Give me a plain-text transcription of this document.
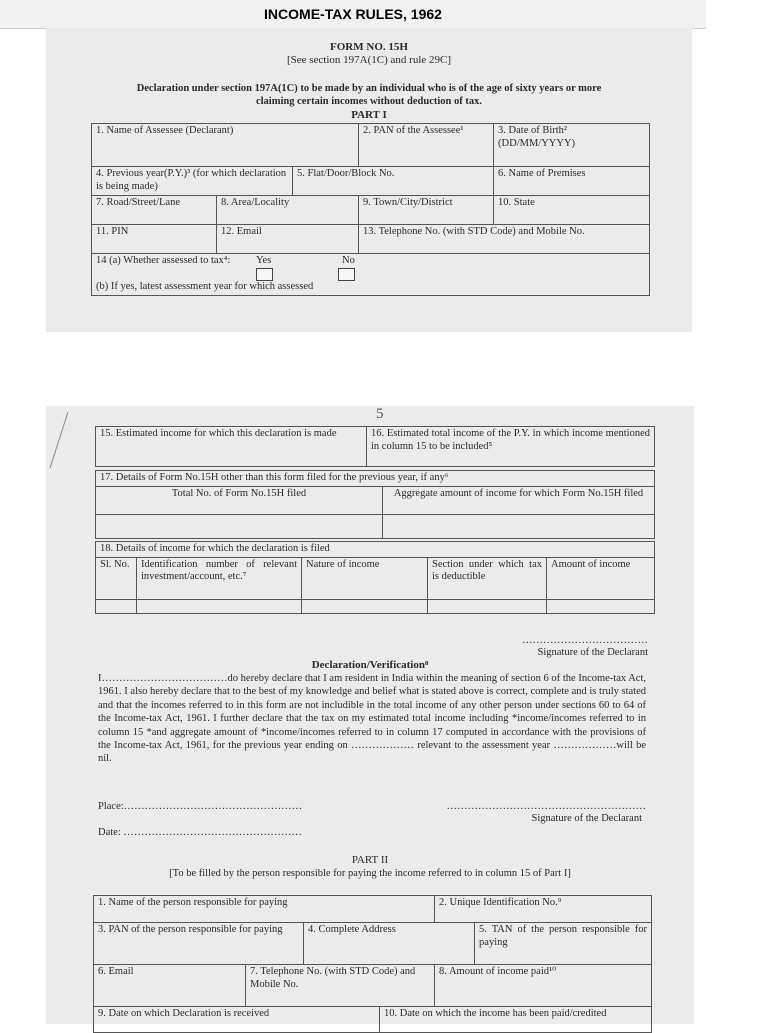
INCOME-TAX RULES, 1962
FORM NO. 15H
[See section 197A(1C) and rule 29C]
Declaration under section 197A(1C) to be made by an individual who is of the age of sixty years or more
claiming certain incomes without deduction of tax.
PART I
1. Name of Assessee (Declarant)			2. PAN of the Assessee¹	3. Date of Birth² (DD/MM/YYYY)
4. Previous year(P.Y.)³ (for which declaration is being made)		5. Flat/Door/Block No.		6. Name of Premises
7. Road/Street/Lane	8. Area/Locality		9. Town/City/District	10. State
11. PIN	12. Email		13. Telephone No. (with STD Code) and Mobile No.	
14 (a) Whether assessed to tax⁴: Yes No
(b) If yes, latest assessment year for which assessed				
5
15. Estimated income for which this declaration is made	16. Estimated total income of the P.Y. in which income mentioned in column 15 to be included⁵
17. Details of Form No.15H other than this form filed for the previous year, if any⁶	
Total No. of Form No.15H filed	Aggregate amount of income for which Form No.15H filed

18. Details of income for which the declaration is filed				
Sl. No.	Identification number of relevant investment/account, etc.⁷	Nature of income	Section under which tax is deductible	Amount of income

………………………………
Signature of the Declarant
Declaration/Verification⁸
I………………………………do hereby declare that I am resident in India within the meaning of section 6 of the Income-tax Act, 1961. I also hereby declare that to the best of my knowledge and belief what is stated above is correct, complete and is truly stated and that the incomes referred to in this form are not includible in the total income of any other person under sections 60 to 64 of the Income-tax Act, 1961. I further declare that the tax on my estimated total income including *income/incomes referred to in column 15 *and aggregate amount of *income/incomes referred to in column 17 computed in accordance with the provisions of the Income-tax Act, 1961, for the previous year ending on ……………… relevant to the assessment year ………………will be nil.
Place:……………………………………………	…………………………………………………
Signature of the Declarant
Date: ……………………………………………
PART II
[To be filled by the person responsible for paying the income referred to in column 15 of Part I]
1. Name of the person responsible for paying				2. Unique Identification No.⁹	
3. PAN of the person responsible for paying		4. Complete Address			5. TAN of the person responsible for paying
6. Email	7. Telephone No. (with STD Code) and Mobile No.			8. Amount of income paid¹⁰	
9. Date on which Declaration is received			10. Date on which the income has been paid/credited		
